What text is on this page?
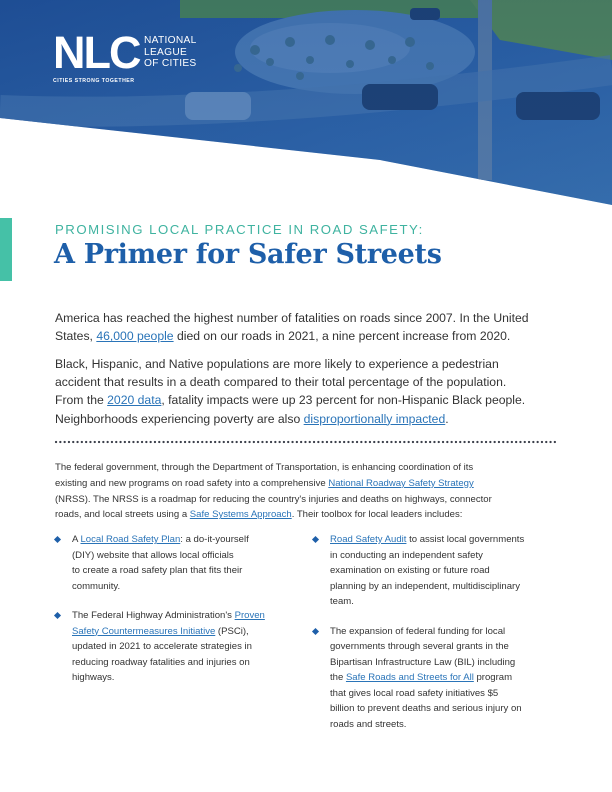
NLC NATIONAL
LEAGUE
OF CITIES
CITIES STRONG TOGETHER
PROMISING LOCAL PRACTICE IN ROAD SAFETY:
A Primer for Safer Streets
America has reached the highest number of fatalities on roads since 2007. In the United
States, 46,000 people died on our roads in 2021, a nine percent increase from 2020.
Black, Hispanic, and Native populations are more likely to experience a pedestrian
accident that results in a death compared to their total percentage of the population.
From the 2020 data, fatality impacts were up 23 percent for non-Hispanic Black people.
Neighborhoods experiencing poverty are also disproportionally impacted.
The federal government, through the Department of Transportation, is enhancing coordination of its
existing and new programs on road safety into a comprehensive National Roadway Safety Strategy
(NRSS). The NRSS is a roadmap for reducing the country's injuries and deaths on highways, connector
roads, and local streets using a Safe Systems Approach. Their toolbox for local leaders includes:
A Local Road Safety Plan: a do-it-yourself
(DIY) website that allows local officials
to create a road safety plan that fits their
community.
The Federal Highway Administration's Proven
Safety Countermeasures Initiative (PSCi),
updated in 2021 to accelerate strategies in
reducing roadway fatalities and injuries on
highways.
Road Safety Audit to assist local governments
in conducting an independent safety
examination on existing or future road
planning by an independent, multidisciplinary
team.
The expansion of federal funding for local
governments through several grants in the
Bipartisan Infrastructure Law (BIL) including
the Safe Roads and Streets for All program
that gives local road safety initiatives $5
billion to prevent deaths and serious injury on
roads and streets.
